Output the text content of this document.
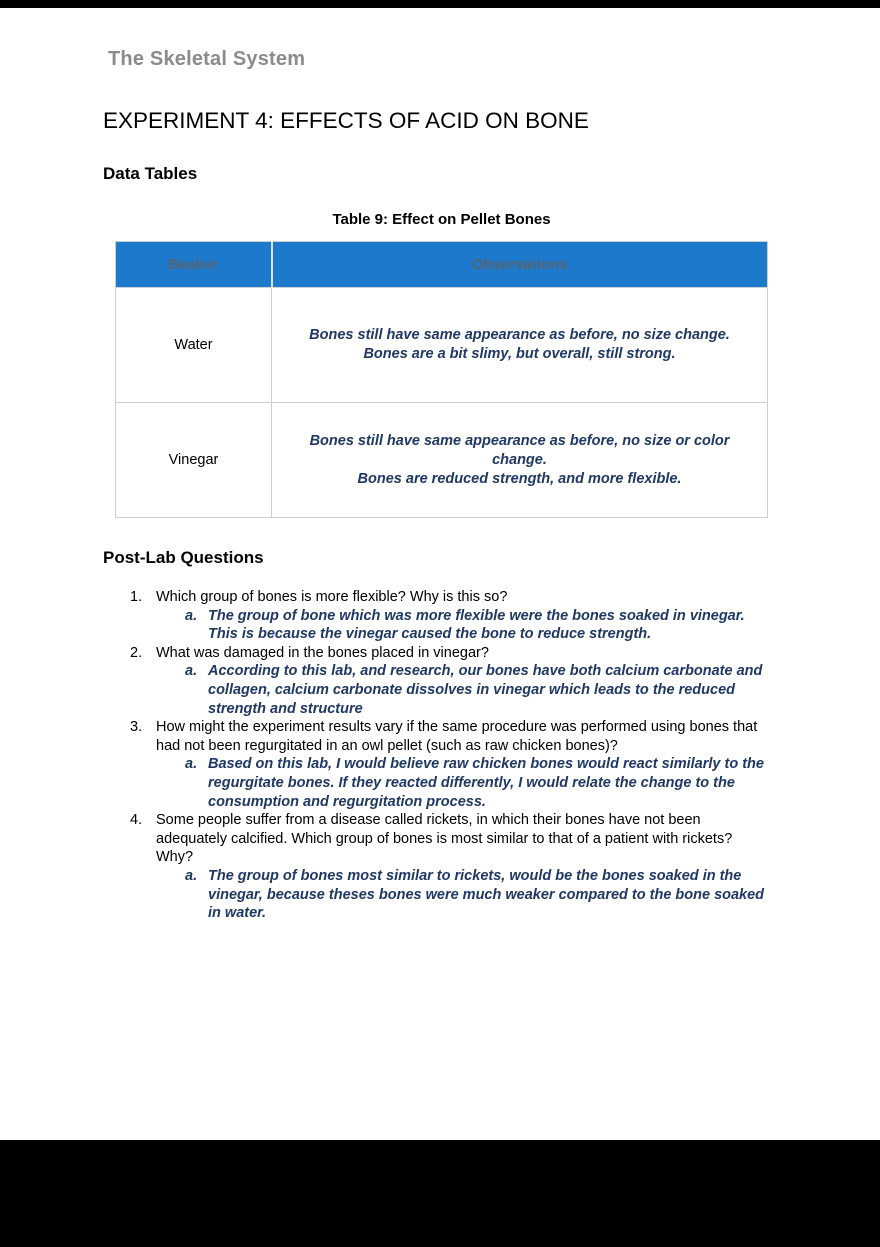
The Skeletal System
EXPERIMENT 4: EFFECTS OF ACID ON BONE
Data Tables
Table 9: Effect on Pellet Bones
Beaker	Observations
Water	Bones still have same appearance as before, no size change.
Bones are a bit slimy, but overall, still strong.

Vinegar	Bones still have same appearance as before, no size or color change.
Bones are reduced strength, and more flexible.
Post-Lab Questions
1. Which group of bones is more flexible? Why is this so?
a. The group of bone which was more flexible were the bones soaked in vinegar. This is because the vinegar caused the bone to reduce strength.
2. What was damaged in the bones placed in vinegar?
a. According to this lab, and research, our bones have both calcium carbonate and collagen, calcium carbonate dissolves in vinegar which leads to the reduced strength and structure
3. How might the experiment results vary if the same procedure was performed using bones that had not been regurgitated in an owl pellet (such as raw chicken bones)?
a. Based on this lab, I would believe raw chicken bones would react similarly to the regurgitate bones. If they reacted differently, I would relate the change to the consumption and regurgitation process.
4. Some people suffer from a disease called rickets, in which their bones have not been adequately calcified. Which group of bones is most similar to that of a patient with rickets? Why?
a. The group of bones most similar to rickets, would be the bones soaked in the vinegar, because theses bones were much weaker compared to the bone soaked in water.
